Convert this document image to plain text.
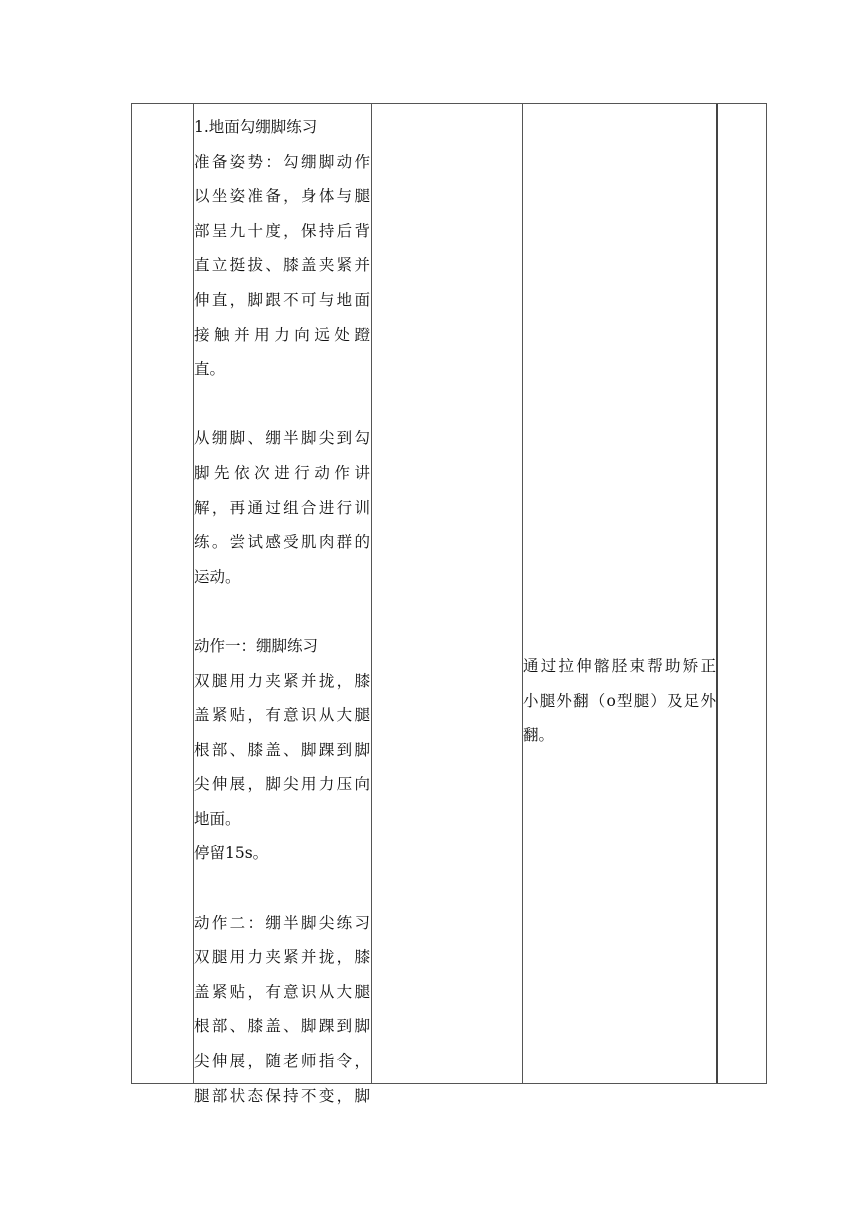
1.地面勾绷脚练习
准备姿势：勾绷脚动作
以坐姿准备，身体与腿
部呈九十度，保持后背
直立挺拔、膝盖夹紧并
伸直，脚跟不可与地面
接触并用力向远处蹬
直。
从绷脚、绷半脚尖到勾
脚先依次进行动作讲
解，再通过组合进行训
练。尝试感受肌肉群的
运动。
动作一：绷脚练习
双腿用力夹紧并拢，膝
盖紧贴，有意识从大腿
根部、膝盖、脚踝到脚
尖伸展，脚尖用力压向
地面。
停留15s。
动作二：绷半脚尖练习
双腿用力夹紧并拢，膝
盖紧贴，有意识从大腿
根部、膝盖、脚踝到脚
尖伸展，随老师指令，
腿部状态保持不变，脚
通过拉伸髂胫束帮助矫正
小腿外翻（o型腿）及足外
翻。
